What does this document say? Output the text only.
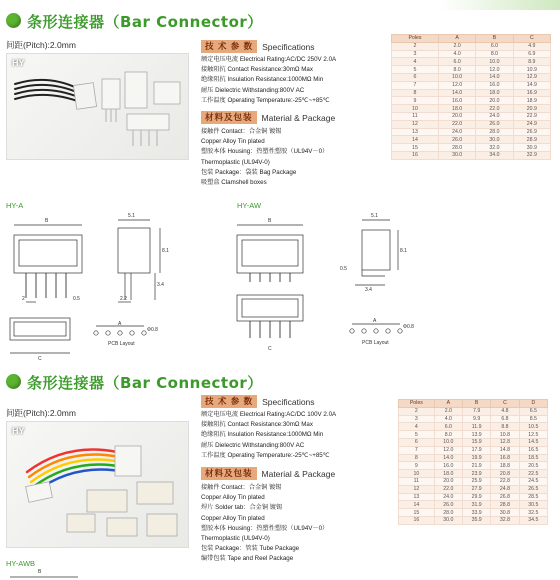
条形连接器（Bar Connector）
间距(Pitch):2.0mm
HY
技 术 参 数	Specifications
额定电压电流 Electrical Rating:AC/DC 250V 2.0A
接触阻抗 Contact Resistance:30mΩ Max
绝缘阻抗 Insulation Resistance:1000MΩ Min
耐压 Dielectric Withstanding:800V AC
工作温度 Operating Temperature:-25℃~+85℃
材料及包装	Material & Package
接触件 Contact：合金铜 镀锡
Copper Alloy Tin plated
塑胶本体 Housing：热塑性塑胶（UL94V－0）
Thermoplastic (UL94V-0)
包装 Package：袋装 Bag Package
吸塑盒 Clamshell boxes
Poles	A	B	C
2	2.0	6.0	4.9
3	4.0	8.0	6.9
4	6.0	10.0	8.9
5	8.0	12.0	10.9
6	10.0	14.0	12.9
7	12.0	16.0	14.9
8	14.0	18.0	16.9
9	16.0	20.0	18.9
10	18.0	22.0	20.9
11	20.0	24.0	22.9
12	22.0	26.0	24.9
13	24.0	28.0	26.9
14	26.0	30.0	28.9
15	28.0	32.0	30.9
16	30.0	34.0	32.9
HY-A
B
5.1
8.1
3.4
2	0.5	2.2
A
C
Φ0.8
PCB Layout
HY-AW
B
5.1
8.1
0.5
3.4
A
C
Φ0.8
PCB Layout
条形连接器（Bar Connector）
间距(Pitch):2.0mm
HY
技 术 参 数	Specifications
额定电压电流 Electrical Rating:AC/DC 100V 2.0A
接触阻抗 Contact Resistance:30mΩ Max
绝缘阻抗 Insulation Resistance:1000MΩ Min
耐压 Dielectric Withstanding:800V AC
工作温度 Operating Temperature:-25℃~+85℃
材料及包装	Material & Package
接触件 Contact：合金铜 镀锡
Copper Alloy Tin plated
焊片 Solder tab：合金铜 镀锡
Copper Alloy Tin plated
塑胶本体 Housing：热塑性塑胶（UL94V－0）
Thermoplastic (UL94V-0)
包装 Package：管装 Tube Package
编带包装 Tape and Reel Package
Poles	A	B	C	D
2	2.0	7.9	4.8	6.5
3	4.0	9.9	6.8	8.5
4	6.0	11.9	8.8	10.5
5	8.0	13.9	10.8	12.5
6	10.0	15.9	12.8	14.5
7	12.0	17.9	14.8	16.5
8	14.0	19.9	16.8	18.5
9	16.0	21.9	18.8	20.5
10	18.0	23.9	20.8	22.5
11	20.0	25.9	22.8	24.5
12	22.0	27.9	24.8	26.5
13	24.0	29.9	26.8	28.5
14	26.0	31.9	28.8	30.5
15	28.0	33.9	30.8	32.5
16	30.0	35.9	32.8	34.5
HY-AWB
B
